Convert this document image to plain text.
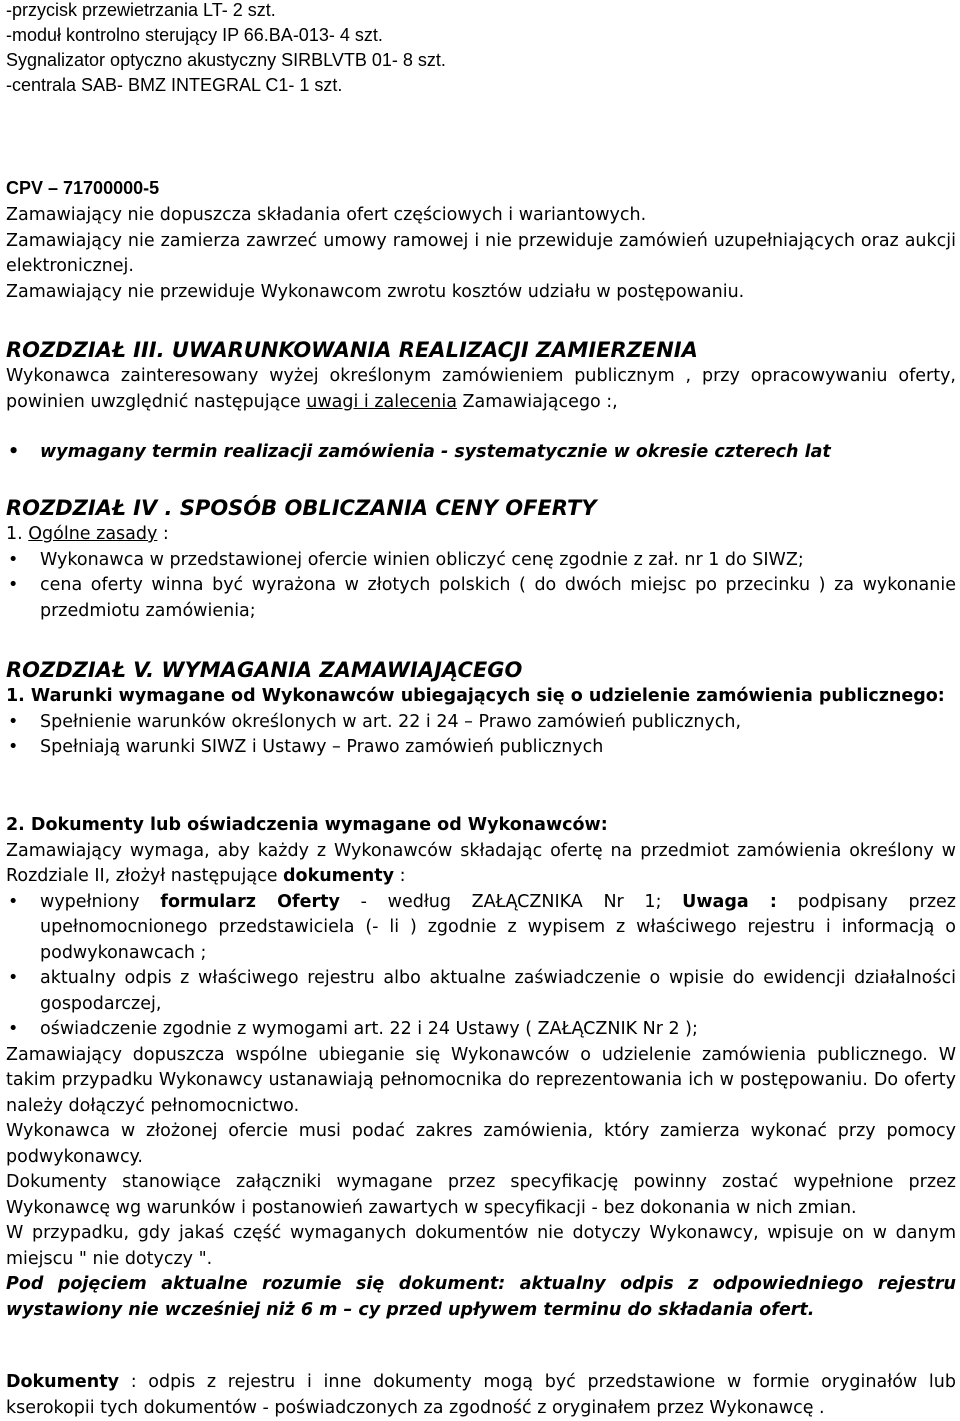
-przycisk przewietrzania LT- 2 szt.

-moduł kontrolno sterujący IP 66.BA-013- 4 szt.

Sygnalizator optyczno akustyczny SIRBLVTB 01- 8 szt.

-centrala SAB- BMZ INTEGRAL C1- 1 szt.

CPV – 71700000-5

Zamawiający nie dopuszcza składania ofert częściowych i wariantowych.

Zamawiający nie zamierza zawrzeć umowy ramowej i nie przewiduje zamówień uzupełniających oraz aukcji elektronicznej.

Zamawiający nie przewiduje Wykonawcom zwrotu kosztów udziału w postępowaniu.

ROZDZIAŁ III. UWARUNKOWANIA REALIZACJI ZAMIERZENIA

Wykonawca zainteresowany wyżej określonym zamówieniem publicznym , przy opracowywaniu oferty, powinien uwzględnić następujące uwagi i zalecenia Zamawiającego :,

• wymagany termin realizacji zamówienia - systematycznie w okresie czterech lat

ROZDZIAŁ IV . SPOSÓB OBLICZANIA CENY OFERTY

1. Ogólne zasady :

• Wykonawca w przedstawionej ofercie winien obliczyć cenę zgodnie z zał. nr 1 do SIWZ;

• cena oferty winna być wyrażona w złotych polskich ( do dwóch miejsc po przecinku ) za wykonanie przedmiotu zamówienia;

ROZDZIAŁ V. WYMAGANIA ZAMAWIAJĄCEGO

1. Warunki wymagane od Wykonawców ubiegających się o udzielenie zamówienia publicznego:

• Spełnienie warunków określonych w art. 22 i 24 – Prawo zamówień publicznych,

• Spełniają warunki SIWZ i Ustawy – Prawo zamówień publicznych

2. Dokumenty lub oświadczenia wymagane od Wykonawców:

Zamawiający wymaga, aby każdy z Wykonawców składając ofertę na przedmiot zamówienia określony w Rozdziale II, złożył następujące dokumenty :

• wypełniony formularz Oferty - według ZAŁĄCZNIKA Nr 1; Uwaga : podpisany przez upełnomocnionego przedstawiciela (- li ) zgodnie z wypisem z właściwego rejestru i informacją o podwykonawcach ;

• aktualny odpis z właściwego rejestru albo aktualne zaświadczenie o wpisie do ewidencji działalności gospodarczej,

• oświadczenie zgodnie z wymogami art. 22 i 24 Ustawy ( ZAŁĄCZNIK Nr 2 );

Zamawiający dopuszcza wspólne ubieganie się Wykonawców o udzielenie zamówienia publicznego. W takim przypadku Wykonawcy ustanawiają pełnomocnika do reprezentowania ich w postępowaniu. Do oferty należy dołączyć pełnomocnictwo.

Wykonawca w złożonej ofercie musi podać zakres zamówienia, który zamierza wykonać przy pomocy podwykonawcy.

Dokumenty stanowiące załączniki wymagane przez specyfikację powinny zostać wypełnione przez Wykonawcę wg warunków i postanowień zawartych w specyfikacji - bez dokonania w nich zmian.

W przypadku, gdy jakaś część wymaganych dokumentów nie dotyczy Wykonawcy, wpisuje on w danym miejscu " nie dotyczy ".

Pod pojęciem aktualne rozumie się dokument: aktualny odpis z odpowiedniego rejestru wystawiony nie wcześniej niż 6 m – cy przed upływem terminu do składania ofert.

Dokumenty : odpis z rejestru i inne dokumenty mogą być przedstawione w formie oryginałów lub kserokopii tych dokumentów - poświadczonych za zgodność z oryginałem przez Wykonawcę .
